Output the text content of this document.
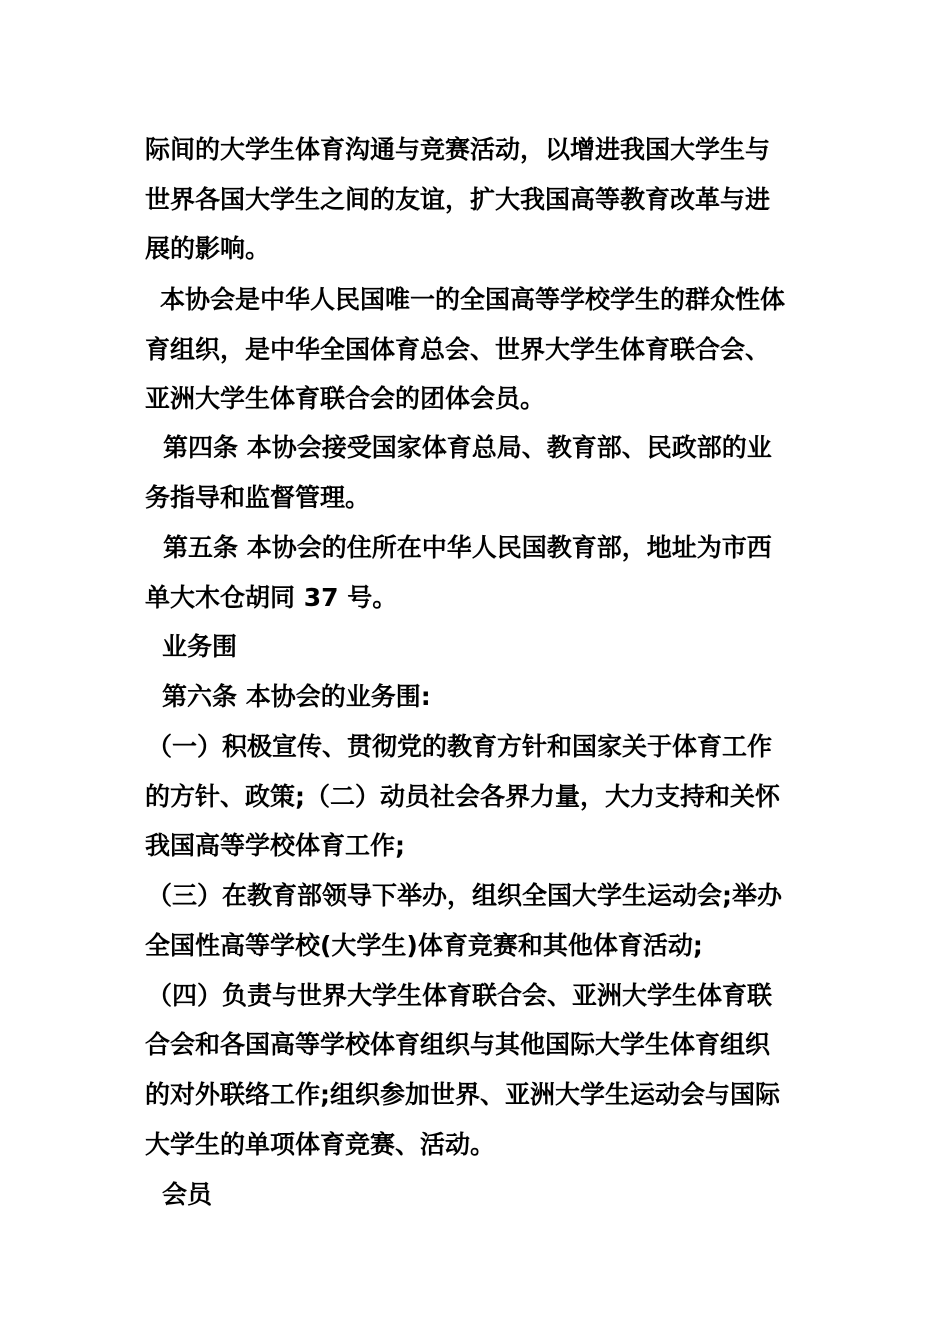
际间的大学生体育沟通与竞赛活动，以增进我国大学生与
世界各国大学生之间的友谊，扩大我国高等教育改革与进
展的影响。
本协会是中华人民国唯一的全国高等学校学生的群众性体
育组织，是中华全国体育总会、世界大学生体育联合会、
亚洲大学生体育联合会的团体会员。
第四条 本协会接受国家体育总局、教育部、民政部的业
务指导和监督管理。
第五条 本协会的住所在中华人民国教育部，地址为市西
单大木仓胡同 37 号。
业务围
第六条 本协会的业务围:
（一）积极宣传、贯彻党的教育方针和国家关于体育工作
的方针、政策;（二）动员社会各界力量，大力支持和关怀
我国高等学校体育工作;
（三）在教育部领导下举办，组织全国大学生运动会;举办
全国性高等学校(大学生)体育竞赛和其他体育活动;
（四）负责与世界大学生体育联合会、亚洲大学生体育联
合会和各国高等学校体育组织与其他国际大学生体育组织
的对外联络工作;组织参加世界、亚洲大学生运动会与国际
大学生的单项体育竞赛、活动。
会员
